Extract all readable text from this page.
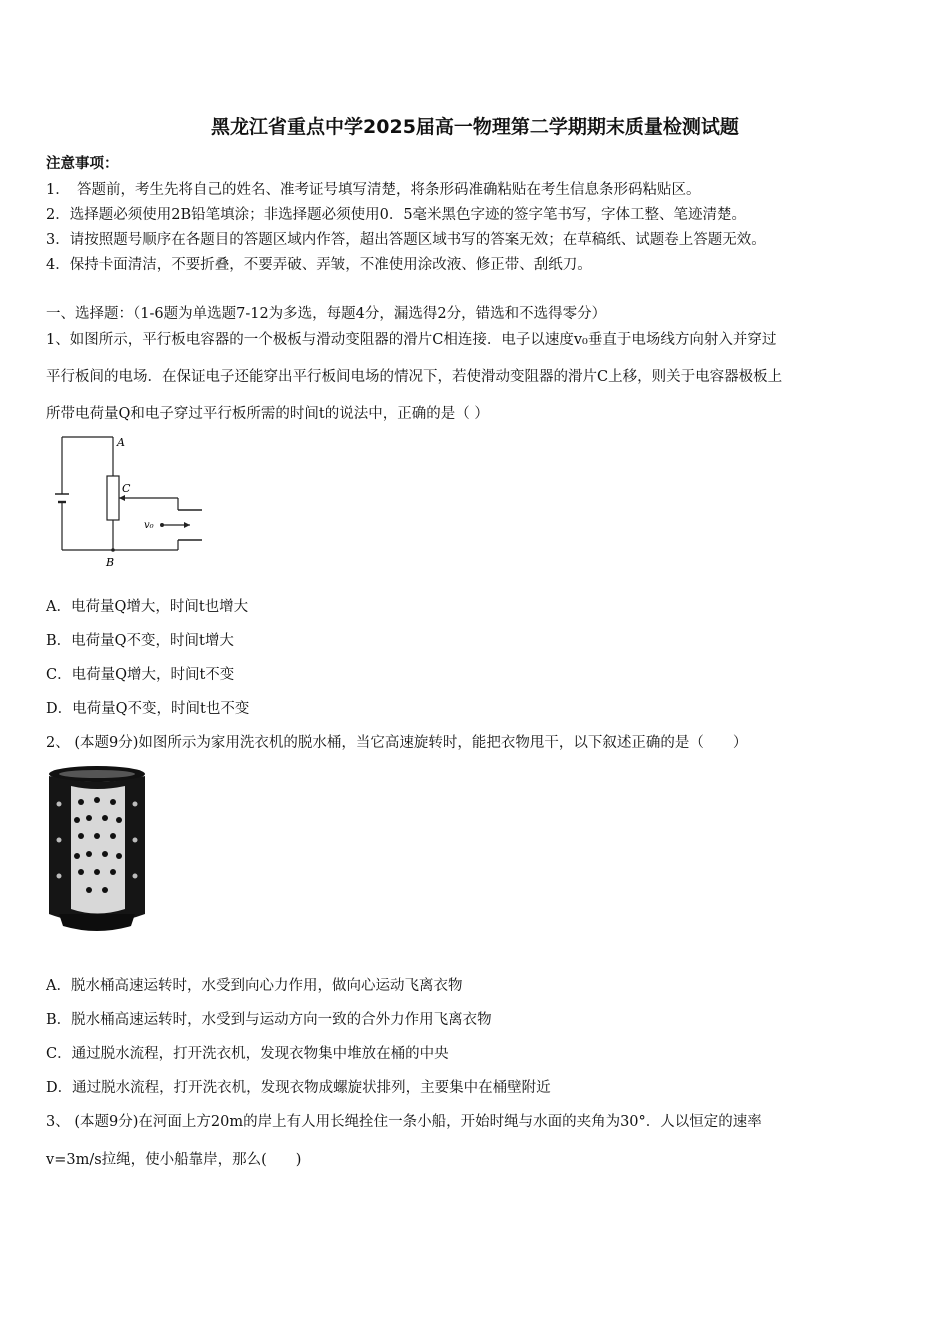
黑龙江省重点中学2025届高一物理第二学期期末质量检测试题
注意事项：
1．　答题前，考生先将自己的姓名、准考证号填写清楚，将条形码准确粘贴在考生信息条形码粘贴区。
2．选择题必须使用2B铅笔填涂；非选择题必须使用0．5毫米黑色字迹的签字笔书写，字体工整、笔迹清楚。
3．请按照题号顺序在各题目的答题区域内作答，超出答题区域书写的答案无效；在草稿纸、试题卷上答题无效。
4．保持卡面清洁，不要折叠，不要弄破、弄皱，不准使用涂改液、修正带、刮纸刀。
一、选择题：（1-6题为单选题7-12为多选，每题4分，漏选得2分，错选和不选得零分）
1、如图所示，平行板电容器的一个极板与滑动变阻器的滑片C相连接．电子以速度v₀垂直于电场线方向射入并穿过
平行板间的电场．在保证电子还能穿出平行板间电场的情况下，若使滑动变阻器的滑片C上移，则关于电容器极板上
所带电荷量Q和电子穿过平行板所需的时间t的说法中，正确的是（ ）
A
C
B
v₀
A．电荷量Q增大，时间t也增大
B．电荷量Q不变，时间t增大
C．电荷量Q增大，时间t不变
D．电荷量Q不变，时间t也不变
2、 (本题9分)如图所示为家用洗衣机的脱水桶，当它高速旋转时，能把衣物甩干，以下叙述正确的是（　　）
A．脱水桶高速运转时，水受到向心力作用，做向心运动飞离衣物
B．脱水桶高速运转时，水受到与运动方向一致的合外力作用飞离衣物
C．通过脱水流程，打开洗衣机，发现衣物集中堆放在桶的中央
D．通过脱水流程，打开洗衣机，发现衣物成螺旋状排列，主要集中在桶壁附近
3、 (本题9分)在河面上方20m的岸上有人用长绳拴住一条小船，开始时绳与水面的夹角为30°．人以恒定的速率
v=3m/s拉绳，使小船靠岸，那么(　　)
